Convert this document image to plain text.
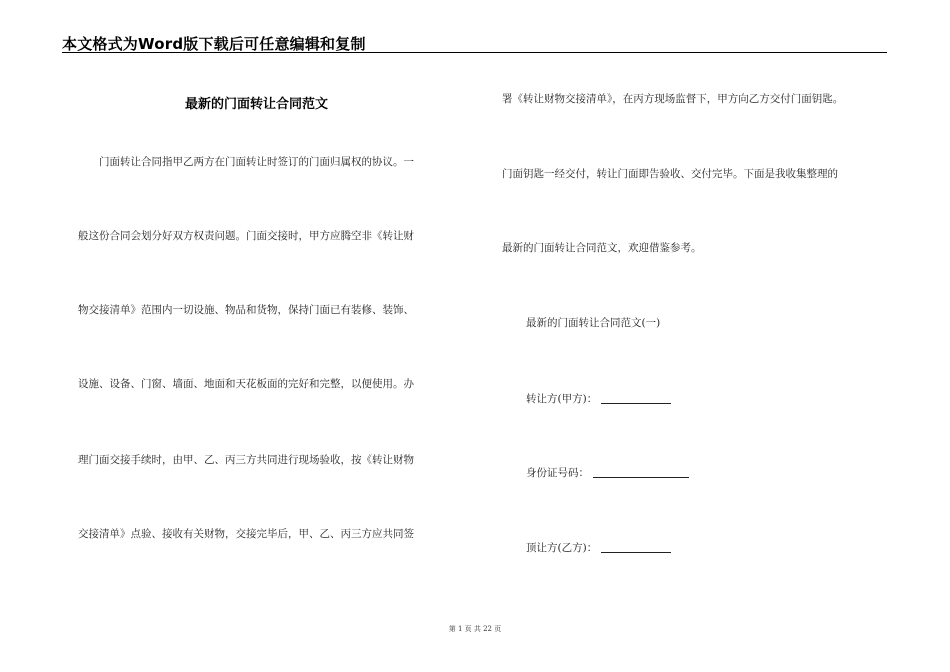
本文格式为Word版下载后可任意编辑和复制
最新的门面转让合同范文
　　门面转让合同指甲乙两方在门面转让时签订的门面归属权的协议。一
般这份合同会划分好双方权责问题。门面交接时，甲方应腾空非《转让财
物交接清单》范围内一切设施、物品和货物，保持门面已有装修、装饰、
设施、设备、门窗、墙面、地面和天花板面的完好和完整，以便使用。办
理门面交接手续时，由甲、乙、丙三方共同进行现场验收，按《转让财物
交接清单》点验、接收有关财物，交接完毕后，甲、乙、丙三方应共同签
署《转让财物交接清单》，在丙方现场监督下，甲方向乙方交付门面钥匙。
门面钥匙一经交付，转让门面即告验收、交付完毕。下面是我收集整理的
最新的门面转让合同范文，欢迎借鉴参考。
最新的门面转让合同范文(一)
转让方(甲方)：
身份证号码：
顶让方(乙方)：
第 1 页 共 22 页
